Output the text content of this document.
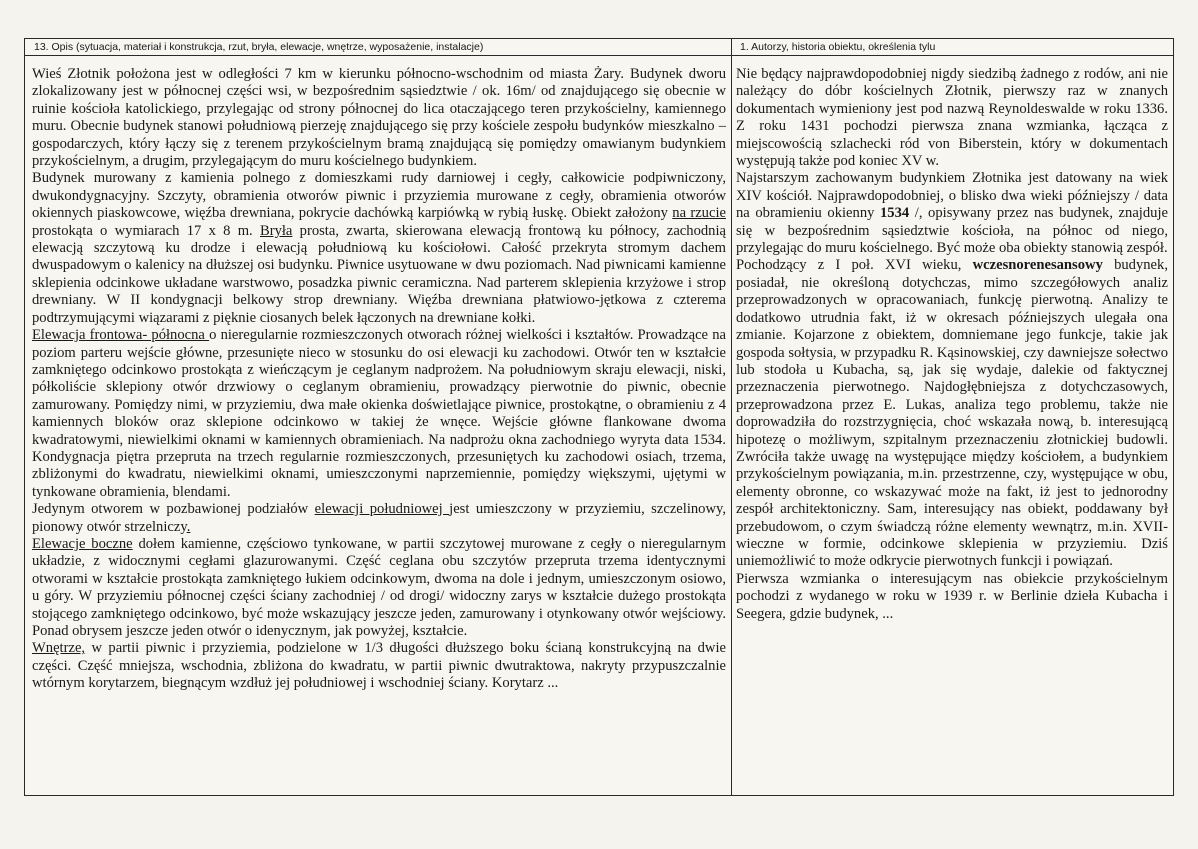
13. Opis (sytuacja, materiał i konstrukcja, rzut, bryła, elewacje, wnętrze, wyposażenie, instalacje)

Wieś Złotnik położona jest w odległości 7 km w kierunku północno-wschodnim od miasta Żary. Budynek dworu zlokalizowany jest w północnej części wsi, w bezpośrednim sąsiedztwie / ok. 16m/ od znajdującego się obecnie w ruinie kościoła katolickiego, przylegając od strony północnej do lica otaczającego teren przykościelny, kamiennego muru. Obecnie budynek stanowi południową pierzeję znajdującego się przy kościele zespołu budynków mieszkalno – gospodarczych, który łączy się z terenem przykościelnym bramą znajdującą się pomiędzy omawianym budynkiem przykościelnym, a drugim, przylegającym do muru kościelnego budynkiem.

Budynek murowany z kamienia polnego z domieszkami rudy darniowej i cegły, całkowicie podpiwniczony, dwukondygnacyjny. Szczyty, obramienia otworów piwnic i przyziemia murowane z cegły, obramienia otworów okiennych piaskowcowe, więźba drewniana, pokrycie dachówką karpiówką w rybią łuskę. Obiekt założony na rzucie prostokąta o wymiarach 17 x 8 m. Bryła prosta, zwarta, skierowana elewacją frontową ku północy, zachodnią elewacją szczytową ku drodze i elewacją południową ku kościołowi. Całość przekryta stromym dachem dwuspadowym o kalenicy na dłuższej osi budynku. Piwnice usytuowane w dwu poziomach. Nad piwnicami kamienne sklepienia odcinkowe układane warstwowo, posadzka piwnic ceramiczna. Nad parterem sklepienia krzyżowe i strop drewniany. W II kondygnacji belkowy strop drewniany. Więźba drewniana płatwiowo-jętkowa z czterema podtrzymującymi wiązarami z pięknie ciosanych belek łączonych na drewniane kołki.

Elewacja frontowa- północna o nieregularnie rozmieszczonych otworach różnej wielkości i kształtów. Prowadzące na poziom parteru wejście główne, przesunięte nieco w stosunku do osi elewacji ku zachodowi. Otwór ten w kształcie zamkniętego odcinkowo prostokąta z wieńczącym je ceglanym nadprożem. Na południowym skraju elewacji, niski, półkoliście sklepiony otwór drzwiowy o ceglanym obramieniu, prowadzący pierwotnie do piwnic, obecnie zamurowany. Pomiędzy nimi, w przyziemiu, dwa małe okienka doświetlające piwnice, prostokątne, o obramieniu z 4 kamiennych bloków oraz sklepione odcinkowo w takiej że wnęce. Wejście główne flankowane dwoma kwadratowymi, niewielkimi oknami w kamiennych obramieniach. Na nadprożu okna zachodniego wyryta data 1534. Kondygnacja piętra przeprutа na trzech regularnie rozmieszczonych, przesuniętych ku zachodowi osiach, trzema, zbliżonymi do kwadratu, niewielkimi oknami, umieszczonymi naprzemiennie, pomiędzy większymi, ujętymi w tynkowane obramienia, blendami.

Jedynym otworem w pozbawionej podziałów elewacji południowej jest umieszczony w przyziemiu, szczelinowy, pionowy otwór strzelniczy.

Elewacje boczne dołem kamienne, częściowo tynkowane, w partii szczytowej murowane z cegły o nieregularnym układzie, z widocznymi cegłami glazurowanymi. Część ceglana obu szczytów przeprutа trzema identycznymi otworami w kształcie prostokąta zamkniętego łukiem odcinkowym, dwoma na dole i jednym, umieszczonym osiowo, u góry. W przyziemiu północnej części ściany zachodniej / od drogi/ widoczny zarys w kształcie dużego prostokąta stojącego zamkniętego odcinkowo, być może wskazujący jeszcze jeden, zamurowany i otynkowany otwór wejściowy. Ponad obrysem jeszcze jeden otwór o idenycznym, jak powyżej, kształcie.

Wnętrze, w partii piwnic i przyziemia, podzielone w 1/3 długości dłuższego boku ścianą konstrukcyjną na dwie części. Część mniejsza, wschodnia, zbliżona do kwadratu, w partii piwnic dwutraktowa, nakryty przypuszczalnie wtórnym korytarzem, biegnącym wzdłuż jej południowej i wschodniej ściany. Korytarz ...

1. Autorzy, historia obiektu, określenia tylu

Nie będący najprawdopodobniej nigdy siedzibą żadnego z rodów, ani nie należący do dóbr kościelnych Złotnik, pierwszy raz w znanych dokumentach wymieniony jest pod nazwą Reynoldeswalde w roku 1336. Z roku 1431 pochodzi pierwsza znana wzmianka, łącząca z miejscowością szlachecki ród von Biberstein, który w dokumentach występują także pod koniec XV w.

Najstarszym zachowanym budynkiem Złotnika jest datowany na wiek XIV kościół. Najprawdopodobniej, o blisko dwa wieki późniejszy / data na obramieniu okienny 1534 /, opisywany przez nas budynek, znajduje się w bezpośrednim sąsiedztwie kościoła, na północ od niego, przylegając do muru kościelnego. Być może oba obiekty stanowią zespół.

Pochodzący z I poł. XVI wieku, wczesnorenesansowy budynek, posiadał, nie określoną dotychczas, mimo szczegółowych analiz przeprowadzonych w opracowaniach, funkcję pierwotną. Analizy te dodatkowo utrudnia fakt, iż w okresach późniejszych ulegała ona zmianie. Kojarzone z obiektem, domniemane jego funkcje, takie jak gospoda sołtysia, w przypadku R. Kąsinowskiej, czy dawniejsze sołectwo lub stodoła u Kubacha, są, jak się wydaje, dalekie od faktycznej przeznaczenia pierwotnego. Najdogłębniejsza z dotychczasowych, przeprowadzona przez E. Lukas, analiza tego problemu, także nie doprowadziła do rozstrzygnięcia, choć wskazała nową, b. interesującą hipotezę o możliwym, szpitalnym przeznaczeniu złotnickiej budowli. Zwróciła także uwagę na występujące między kościołem, a budynkiem przykościelnym powiązania, m.in. przestrzenne, czy, występujące w obu, elementy obronne, co wskazywać może na fakt, iż jest to jednorodny zespół architektoniczny. Sam, interesujący nas obiekt, poddawany był przebudowom, o czym świadczą różne elementy wewnątrz, m.in. XVII-wieczne w formie, odcinkowe sklepienia w przyziemiu. Dziś uniemożliwić to może odkrycie pierwotnych funkcji i powiązań.

Pierwsza wzmianka o interesującym nas obiekcie przykościelnym pochodzi z wydanego w roku w 1939 r. w Berlinie dzieła Kubacha i Seegera, gdzie budynek, ...
